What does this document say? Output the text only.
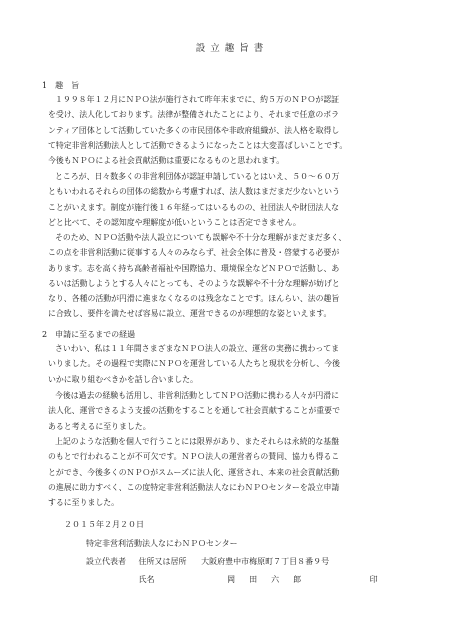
設立趣旨書
1　趣　旨
１９９８年１２月にＮＰＯ法が施行されて昨年末までに、約５万のＮＰＯが認証
を受け、法人化しております。法律が整備されたことにより、それまで任意のボラ
ンティア団体として活動していた多くの市民団体や非政府組織が、法人格を取得し
て特定非営利活動法人として活動できるようになったことは大変喜ばしいことです。
今後もＮＰＯによる社会貢献活動は重要になるものと思われます。
ところが、日々数多くの非営利団体が認証申請しているとはいえ、５０～６０万
ともいわれるそれらの団体の総数から考慮すれば、法人数はまだまだ少ないという
ことがいえます。制度が施行後１６年経ってはいるものの、社団法人や財団法人な
どと比べて、その認知度や理解度が低いということは否定できません。
そのため、ＮＰＯ活動や法人設立についても誤解や不十分な理解がまだまだ多く、
この点を非営利活動に従事する人々のみならず、社会全体に普及・啓蒙する必要が
あります。志を高く持ち高齢者福祉や国際協力、環境保全などＮＰＯで活動し、あ
るいは活動しようとする人々にとっても、そのような誤解や不十分な理解が妨げと
なり、各種の活動が円滑に進まなくなるのは残念なことです。ほんらい、法の趣旨
に合致し、要件を満たせば容易に設立、運営できるのが理想的な姿といえます。
2　申請に至るまでの経過
さいわい、私は１１年間さまざまなＮＰＯ法人の設立、運営の実務に携わってま
いりました。その過程で実際にＮＰＯを運営している人たちと現状を分析し、今後
いかに取り組むべきかを話し合いました。
今後は過去の経験も活用し、非営利活動としてＮＰＯ活動に携わる人々が円滑に
法人化、運営できるよう支援の活動をすることを通して社会貢献することが重要で
あると考えるに至りました。
上記のような活動を個人で行うことには限界があり、またそれらは永続的な基盤
のもとで行われることが不可欠です。ＮＰＯ法人の運営者らの賛同、協力も得るこ
とができ、今後多くのＮＰＯがスムーズに法人化、運営され、本来の社会貢献活動
の進展に助力すべく、この度特定非営利活動法人なにわＮＰＯセンターを設立申請
するに至りました。
２０１５年２月２０日
特定非営利活動法人なにわＮＰＯセンター
設立代表者 住所又は居所 大阪府豊中市梅原町７丁目８番９号
氏名	岡　田　六　郎	印
